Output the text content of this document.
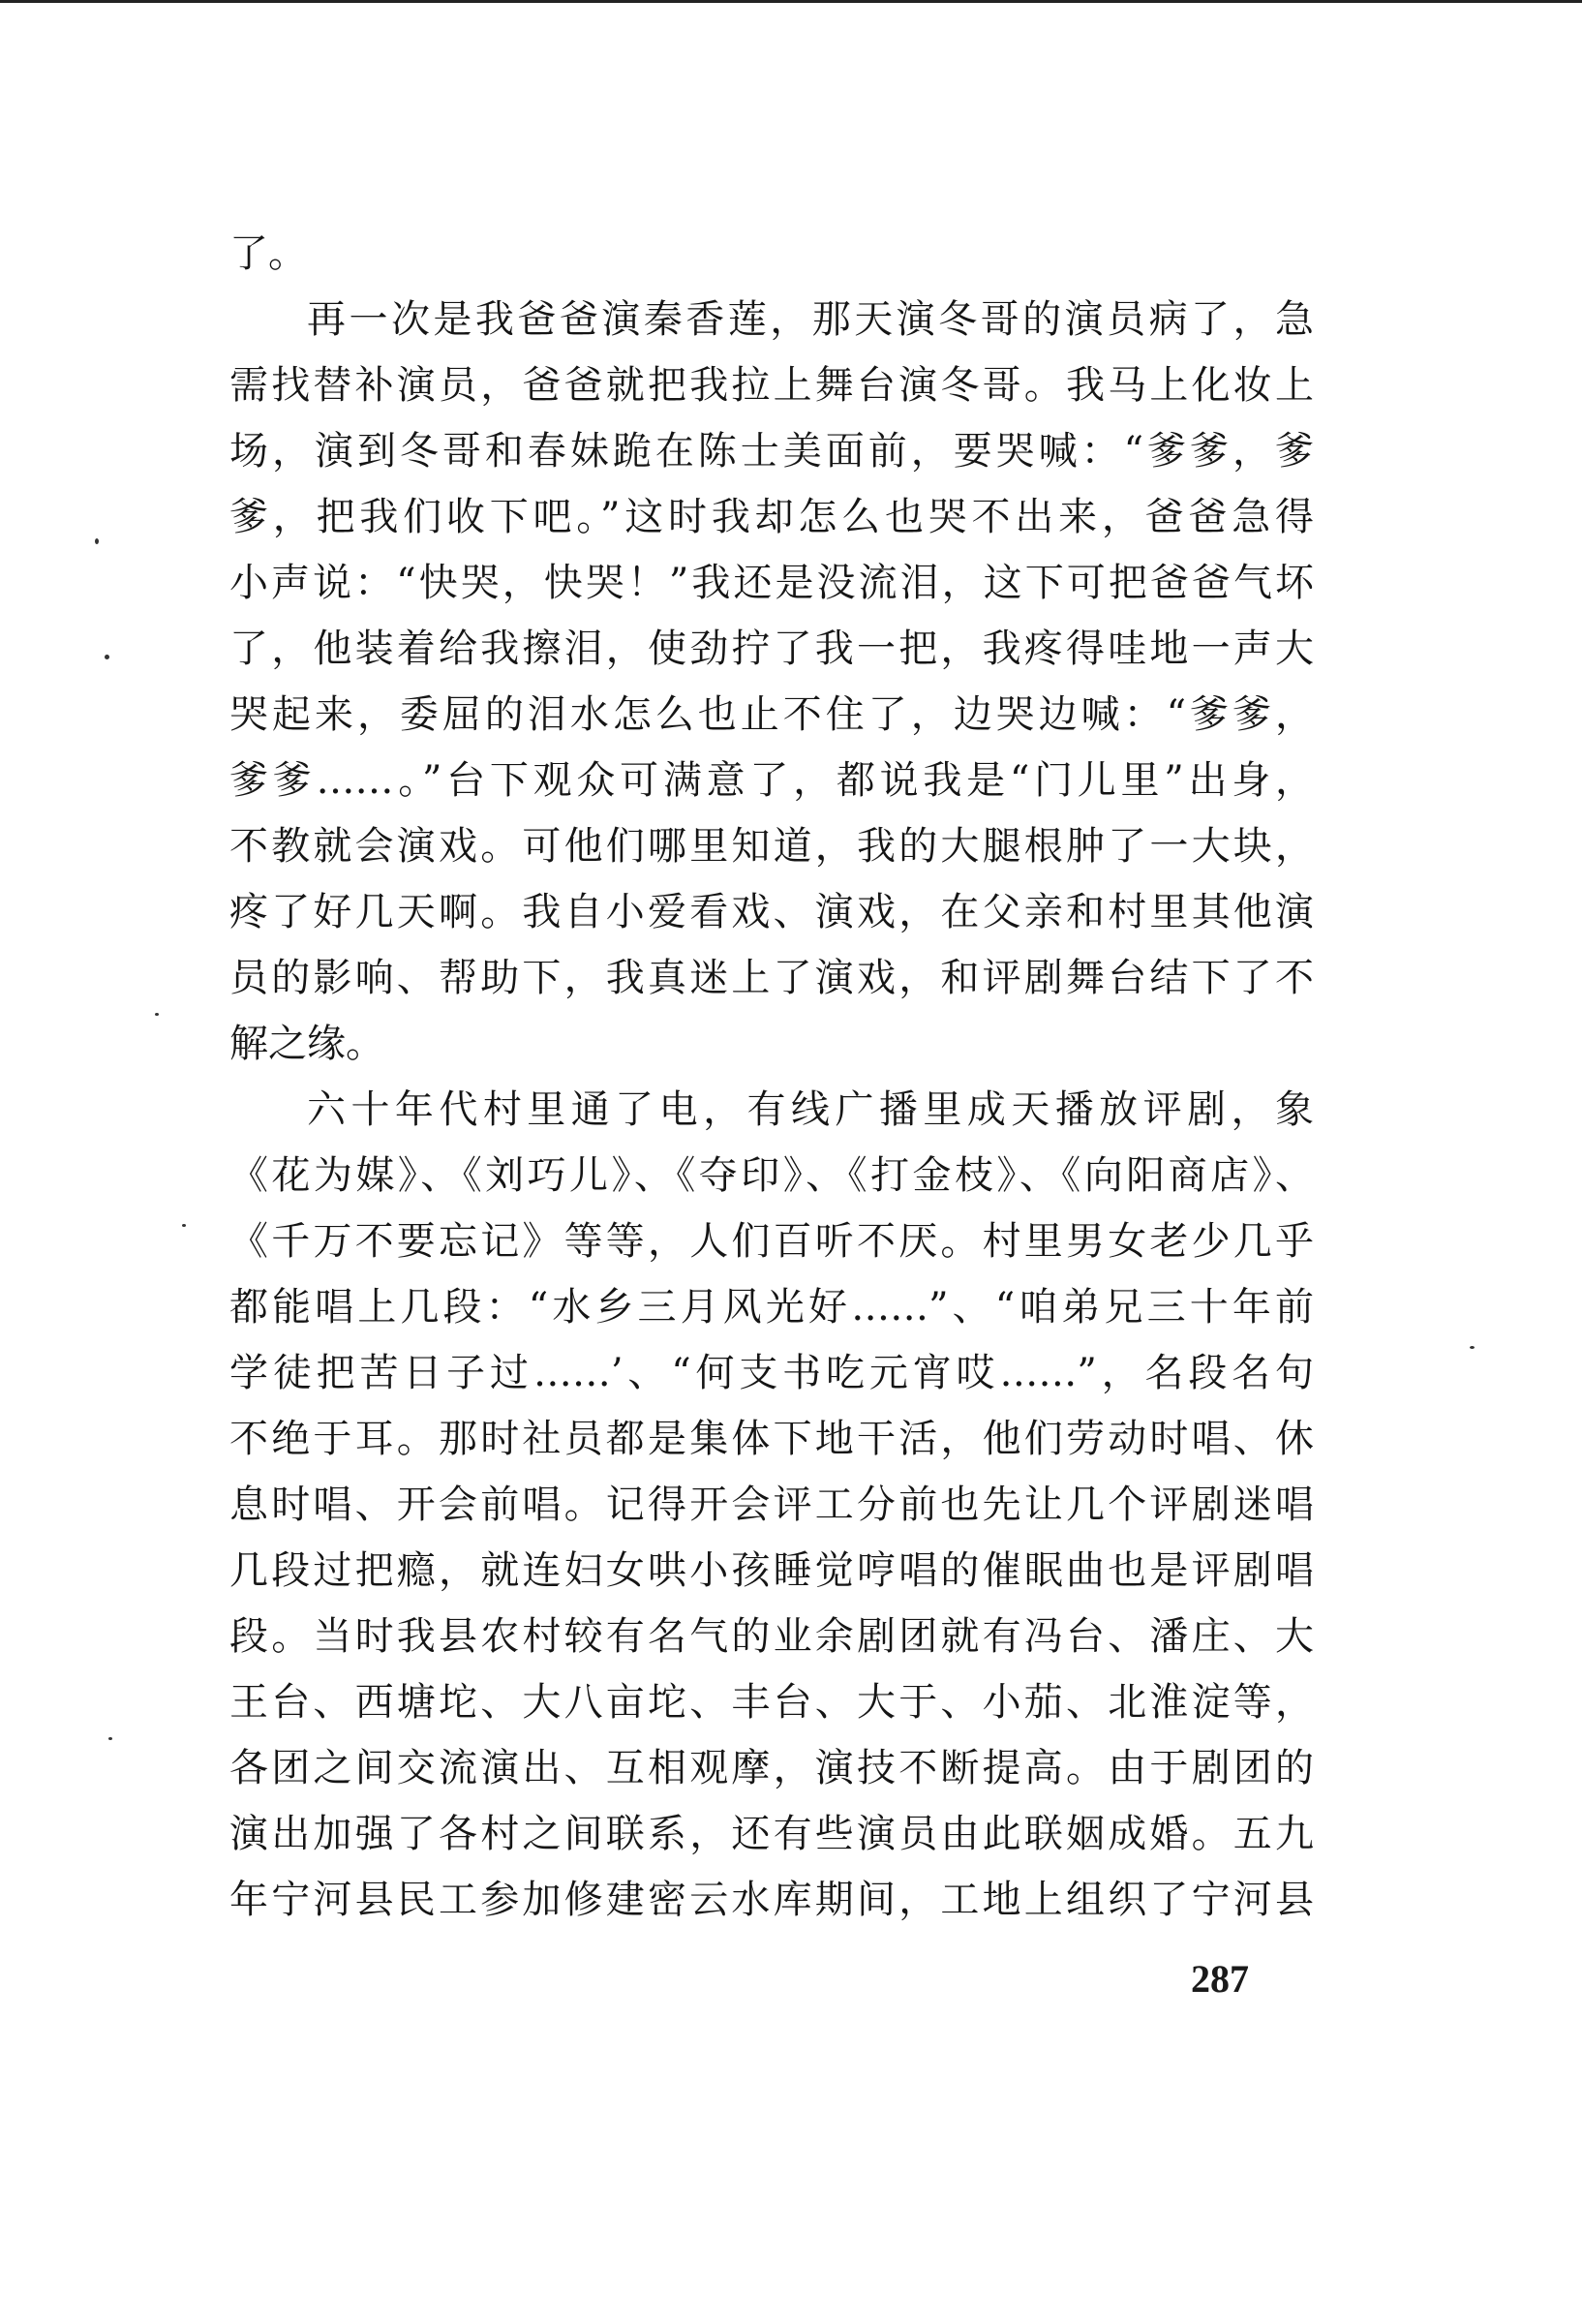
了。
再一次是我爸爸演秦香莲，那天演冬哥的演员病了，急
需找替补演员，爸爸就把我拉上舞台演冬哥。我马上化妆上
场，演到冬哥和春妹跪在陈士美面前，要哭喊：“爹爹，爹
爹，把我们收下吧。”这时我却怎么也哭不出来，爸爸急得
小声说：“快哭，快哭！”我还是没流泪，这下可把爸爸气坏
了，他装着给我擦泪，使劲拧了我一把，我疼得哇地一声大
哭起来，委屈的泪水怎么也止不住了，边哭边喊：“爹爹，
爹爹……。”台下观众可满意了，都说我是“门儿里”出身，
不教就会演戏。可他们哪里知道，我的大腿根肿了一大块，
疼了好几天啊。我自小爱看戏、演戏，在父亲和村里其他演
员的影响、帮助下，我真迷上了演戏，和评剧舞台结下了不
解之缘。
六十年代村里通了电，有线广播里成天播放评剧，象
《花为媒》、《刘巧儿》、《夺印》、《打金枝》、《向阳商店》、
《千万不要忘记》等等，人们百听不厌。村里男女老少几乎
都能唱上几段：“水乡三月风光好……”、“咱弟兄三十年前
学徒把苦日子过……’、“何支书吃元宵哎……”，名段名句
不绝于耳。那时社员都是集体下地干活，他们劳动时唱、休
息时唱、开会前唱。记得开会评工分前也先让几个评剧迷唱
几段过把瘾，就连妇女哄小孩睡觉哼唱的催眠曲也是评剧唱
段。当时我县农村较有名气的业余剧团就有冯台、潘庄、大
王台、西塘坨、大八亩坨、丰台、大于、小茄、北淮淀等，
各团之间交流演出、互相观摩，演技不断提高。由于剧团的
演出加强了各村之间联系，还有些演员由此联姻成婚。五九
年宁河县民工参加修建密云水库期间，工地上组织了宁河县
287
